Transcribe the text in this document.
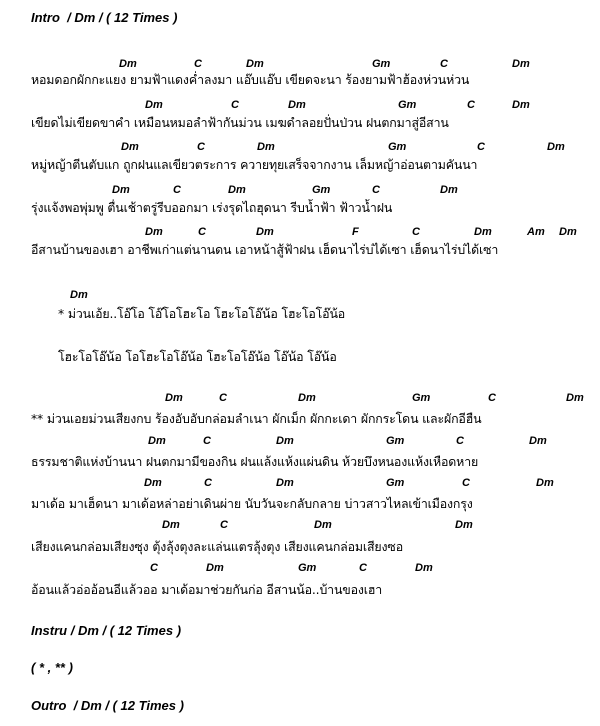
Intro  / Dm / ( 12 Times )
Dm	C	Dm	Gm	C	Dm
หอมดอกผักกะแยง ยามฟ้าแดงค่ำลงมา แอ๊บแอ๊บ เขียดจะนา ร้องยามฟ้าฮ้องห่วนห่วน
Dm	C	Dm	Gm	C	Dm
เขียดไม่เขียดขาคำ เหมือนหมอลำฟ้ากันม่วน เมฆดำลอยปั่นป่วน ฝนตกมาสู่อีสาน
Dm	C	Dm	Gm	C	Dm
หมู่หญ้าตีนตับแก ถูกฝนแลเขียวตระการ ควายทุยเสร็จจากงาน เล็มหญ้าอ่อนตามคันนา
Dm	C	Dm	Gm	C	Dm
รุ่งแจ้งพอพุ่มพู ตื่นเช้าตรู่รีบออกมา เร่งรุดไถฮุดนา รีบน้ำฟ้า ฟ้าวน้ำฝน
Dm	C	Dm	F	C	Dm	Am Dm
อีสานบ้านของเฮา อาชีพเก่าแต่นานดน เอาหน้าสู้ฟ้าฝน เฮ็ดนาไร่บ่ได้เซา เฮ็ดนาไร่บ่ได้เซา
Dm
* ม่วนเอ้ย..โอ๊โอ โอ๊โอโฮะโอ โฮะโอโอ๊น้อ โฮะโอโอ๊น้อ
โฮะโอโอ๊น้อ โอโฮะโอโอ๊น้อ โฮะโอโอ๊น้อ โอ๊น้อ โอ๊น้อ
Dm	C	Dm	Gm	C	Dm
** ม่วนเอยม่วนเสียงกบ ร้องอับอับกล่อมลำเนา ผักเม็ก ผักกะเดา ผักกระโดน และผักอีฮืน
Dm	C	Dm	Gm	C	Dm
ธรรมชาติแห่งบ้านนา ฝนตกมามีของกิน ฝนแล้งแห้งแผ่นดิน ห้วยบึงหนองแห้งเหือดหาย
Dm	C	Dm	Gm	C	Dm
มาเด้อ มาเฮ็ดนา มาเด้อหล่าอย่าเดินผ่าย นับวันจะกลับกลาย บ่าวสาวไหลเข้าเมืองกรุง
Dm	C	Dm	Dm
เสียงแคนกล่อมเสียงซุง ตุ้งลุ้งตุงละแล่นแตรลุ้งตุง เสียงแคนกล่อมเสียงซอ
C	Dm	Gm	C	Dm
อ้อนแล้วอ่ออ้อนอีแล้วออ มาเด้อมาช่วยกันก่อ อีสานน้อ..บ้านของเฮา
Instru / Dm / ( 12 Times )
( * , ** )
Outro  / Dm / ( 12 Times )
